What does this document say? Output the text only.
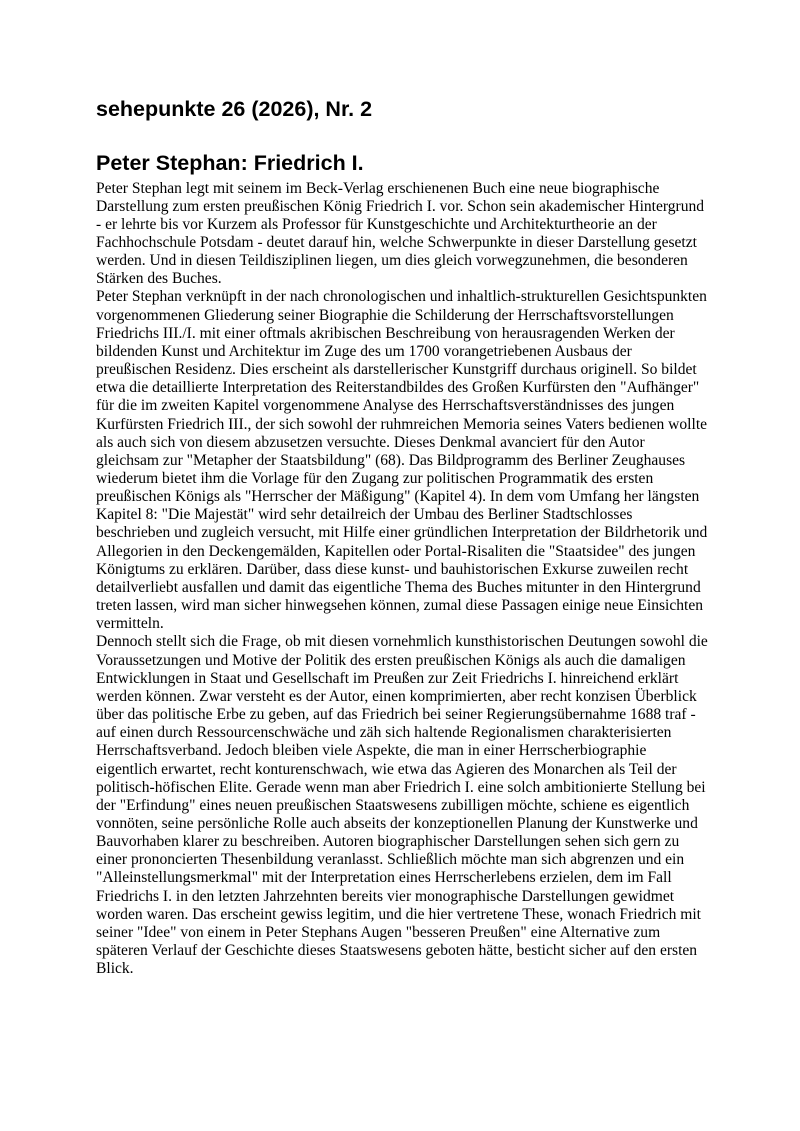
sehepunkte 26 (2026), Nr. 2
Peter Stephan: Friedrich I.

Peter Stephan legt mit seinem im Beck-Verlag erschienenen Buch eine neue biographische Darstellung zum ersten preußischen König Friedrich I. vor. Schon sein akademischer Hintergrund - er lehrte bis vor Kurzem als Professor für Kunstgeschichte und Architekturtheorie an der Fachhochschule Potsdam - deutet darauf hin, welche Schwerpunkte in dieser Darstellung gesetzt werden. Und in diesen Teildisziplinen liegen, um dies gleich vorwegzunehmen, die besonderen Stärken des Buches.

Peter Stephan verknüpft in der nach chronologischen und inhaltlich-strukturellen Gesichtspunkten vorgenommenen Gliederung seiner Biographie die Schilderung der Herrschaftsvorstellungen Friedrichs III./I. mit einer oftmals akribischen Beschreibung von herausragenden Werken der bildenden Kunst und Architektur im Zuge des um 1700 vorangetriebenen Ausbaus der preußischen Residenz. Dies erscheint als darstellerischer Kunstgriff durchaus originell. So bildet etwa die detaillierte Interpretation des Reiterstandbildes des Großen Kurfürsten den "Aufhänger" für die im zweiten Kapitel vorgenommene Analyse des Herrschaftsverständnisses des jungen Kurfürsten Friedrich III., der sich sowohl der ruhmreichen Memoria seines Vaters bedienen wollte als auch sich von diesem abzusetzen versuchte. Dieses Denkmal avanciert für den Autor gleichsam zur "Metapher der Staatsbildung" (68). Das Bildprogramm des Berliner Zeughauses wiederum bietet ihm die Vorlage für den Zugang zur politischen Programmatik des ersten preußischen Königs als "Herrscher der Mäßigung" (Kapitel 4). In dem vom Umfang her längsten Kapitel 8: "Die Majestät" wird sehr detailreich der Umbau des Berliner Stadtschlosses beschrieben und zugleich versucht, mit Hilfe einer gründlichen Interpretation der Bildrhetorik und Allegorien in den Deckengemälden, Kapitellen oder Portal-Risaliten die "Staatsidee" des jungen Königtums zu erklären. Darüber, dass diese kunst- und bauhistorischen Exkurse zuweilen recht detailverliebt ausfallen und damit das eigentliche Thema des Buches mitunter in den Hintergrund treten lassen, wird man sicher hinwegsehen können, zumal diese Passagen einige neue Einsichten vermitteln.

Dennoch stellt sich die Frage, ob mit diesen vornehmlich kunsthistorischen Deutungen sowohl die Voraussetzungen und Motive der Politik des ersten preußischen Königs als auch die damaligen Entwicklungen in Staat und Gesellschaft im Preußen zur Zeit Friedrichs I. hinreichend erklärt werden können. Zwar versteht es der Autor, einen komprimierten, aber recht konzisen Überblick über das politische Erbe zu geben, auf das Friedrich bei seiner Regierungsübernahme 1688 traf - auf einen durch Ressourcenschwäche und zäh sich haltende Regionalismen charakterisierten Herrschaftsverband. Jedoch bleiben viele Aspekte, die man in einer Herrscherbiographie eigentlich erwartet, recht konturenschwach, wie etwa das Agieren des Monarchen als Teil der politisch-höfischen Elite. Gerade wenn man aber Friedrich I. eine solch ambitionierte Stellung bei der "Erfindung" eines neuen preußischen Staatswesens zubilligen möchte, schiene es eigentlich vonnöten, seine persönliche Rolle auch abseits der konzeptionellen Planung der Kunstwerke und Bauvorhaben klarer zu beschreiben. Autoren biographischer Darstellungen sehen sich gern zu einer prononcierten Thesenbildung veranlasst. Schließlich möchte man sich abgrenzen und ein "Alleinstellungsmerkmal" mit der Interpretation eines Herrscherlebens erzielen, dem im Fall Friedrichs I. in den letzten Jahrzehnten bereits vier monographische Darstellungen gewidmet worden waren. Das erscheint gewiss legitim, und die hier vertretene These, wonach Friedrich mit seiner "Idee" von einem in Peter Stephans Augen "besseren Preußen" eine Alternative zum späteren Verlauf der Geschichte dieses Staatswesens geboten hätte, besticht sicher auf den ersten Blick.
